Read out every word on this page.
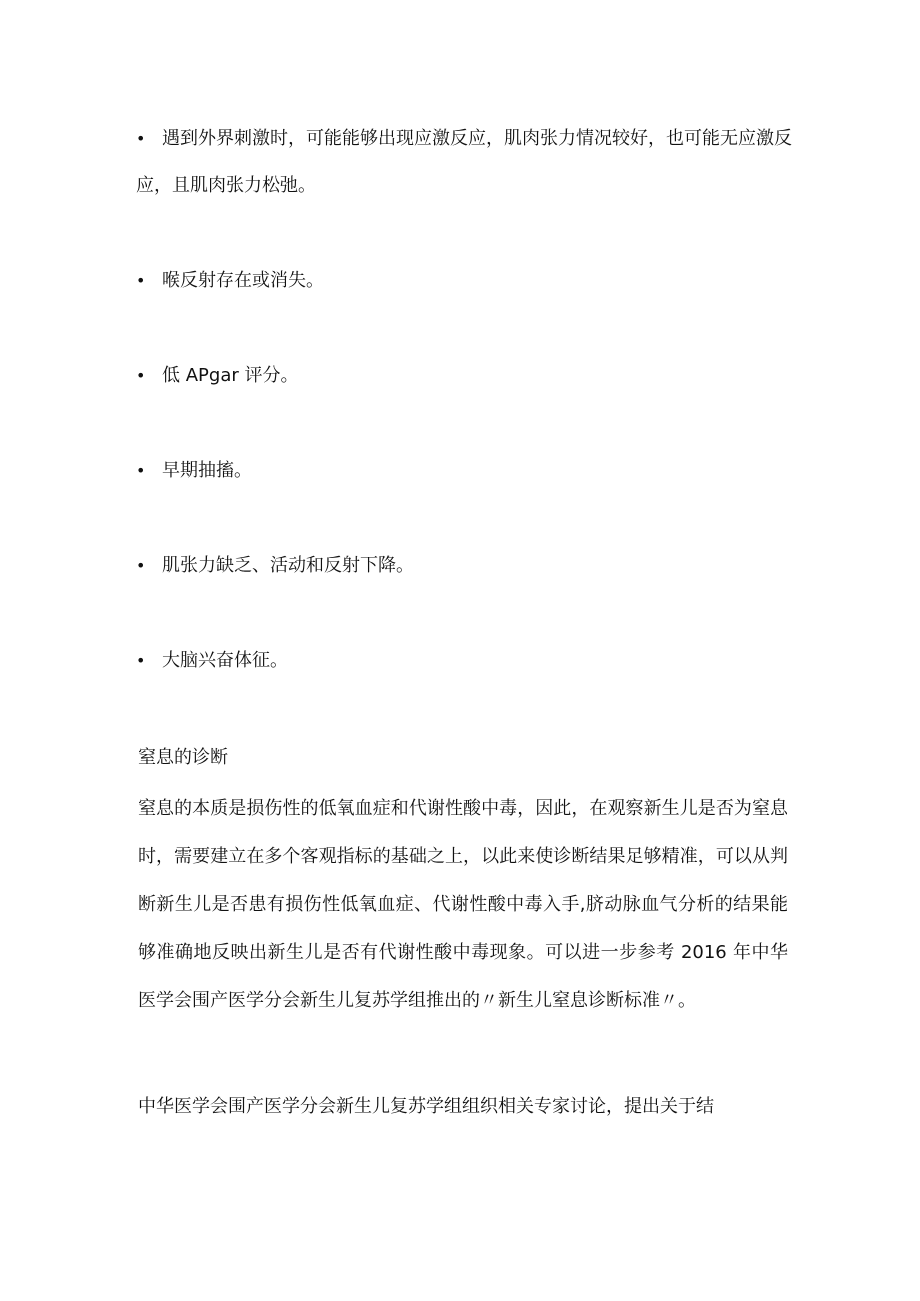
• 遇到外界刺激时，可能能够出现应激反应，肌肉张力情况较好，也可能无应激反应，且肌肉张力松弛。
• 喉反射存在或消失。
• 低 APgar 评分。
• 早期抽搐。
• 肌张力缺乏、活动和反射下降。
• 大脑兴奋体征。
窒息的诊断

窒息的本质是损伤性的低氧血症和代谢性酸中毒，因此，在观察新生儿是否为窒息时，需要建立在多个客观指标的基础之上，以此来使诊断结果足够精准，可以从判断新生儿是否患有损伤性低氧血症、代谢性酸中毒入手,脐动脉血气分析的结果能够准确地反映出新生儿是否有代谢性酸中毒现象。可以进一步参考 2016 年中华医学会围产医学分会新生儿复苏学组推出的〃新生儿窒息诊断标准〃。

中华医学会围产医学分会新生儿复苏学组组织相关专家讨论，提出关于结
